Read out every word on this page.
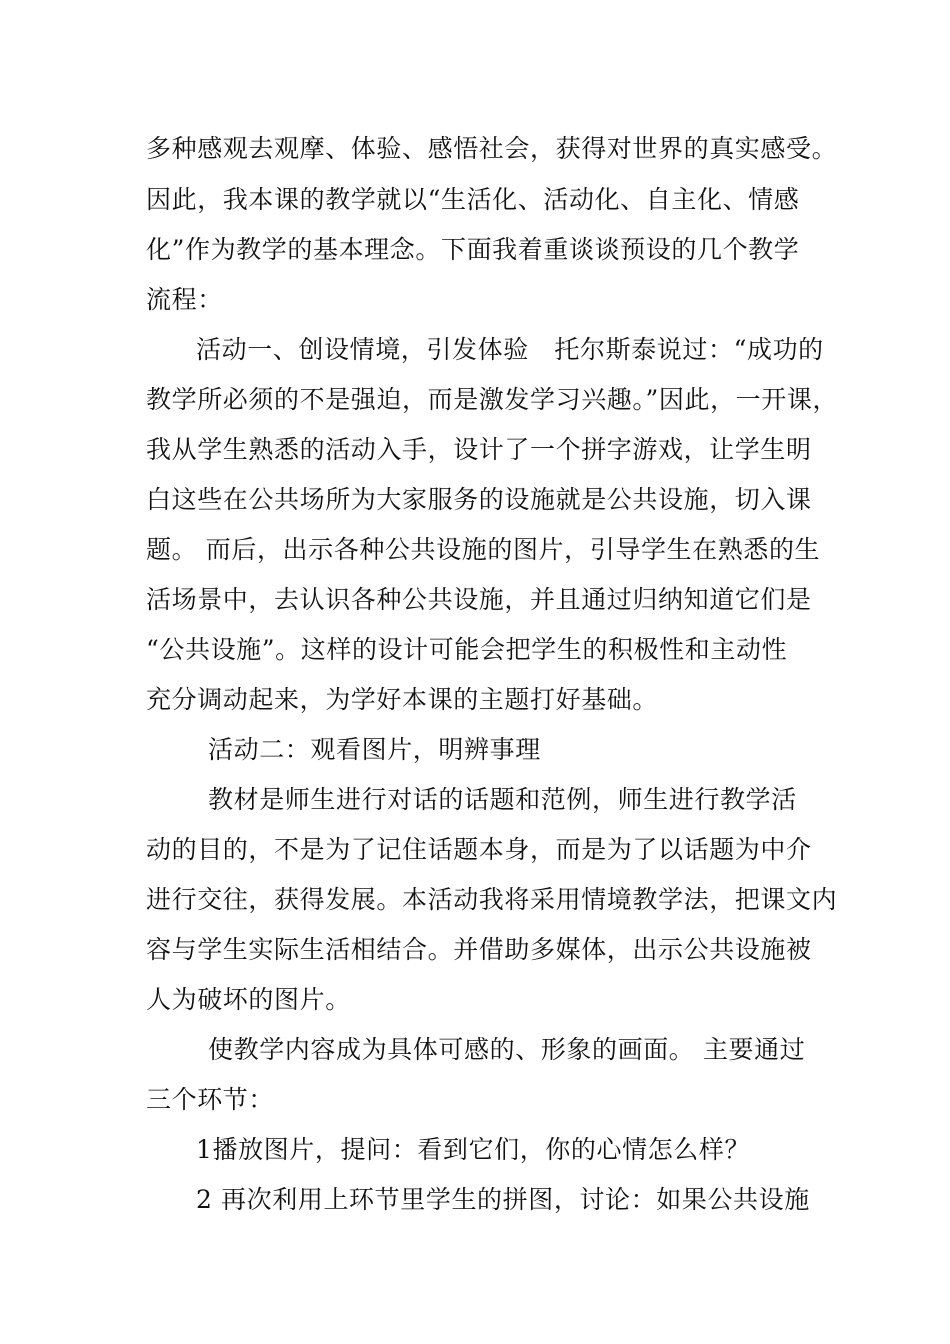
多种感观去观摩、体验、感悟社会，获得对世界的真实感受。
因此，我本课的教学就以“生活化、活动化、自主化、情感
化”作为教学的基本理念。下面我着重谈谈预设的几个教学
流程：
活动一、创设情境，引发体验　托尔斯泰说过：“成功的
教学所必须的不是强迫，而是激发学习兴趣。”因此，一开课，
我从学生熟悉的活动入手，设计了一个拼字游戏，让学生明
白这些在公共场所为大家服务的设施就是公共设施，切入课
题。 而后，出示各种公共设施的图片，引导学生在熟悉的生
活场景中，去认识各种公共设施，并且通过归纳知道它们是
“公共设施”。这样的设计可能会把学生的积极性和主动性
充分调动起来，为学好本课的主题打好基础。
活动二：观看图片，明辨事理
教材是师生进行对话的话题和范例，师生进行教学活
动的目的，不是为了记住话题本身，而是为了以话题为中介
进行交往，获得发展。本活动我将采用情境教学法，把课文内
容与学生实际生活相结合。并借助多媒体，出示公共设施被
人为破坏的图片。
使教学内容成为具体可感的、形象的画面。 主要通过
三个环节：
1播放图片，提问：看到它们，你的心情怎么样？
2 再次利用上环节里学生的拼图，讨论：如果公共设施
